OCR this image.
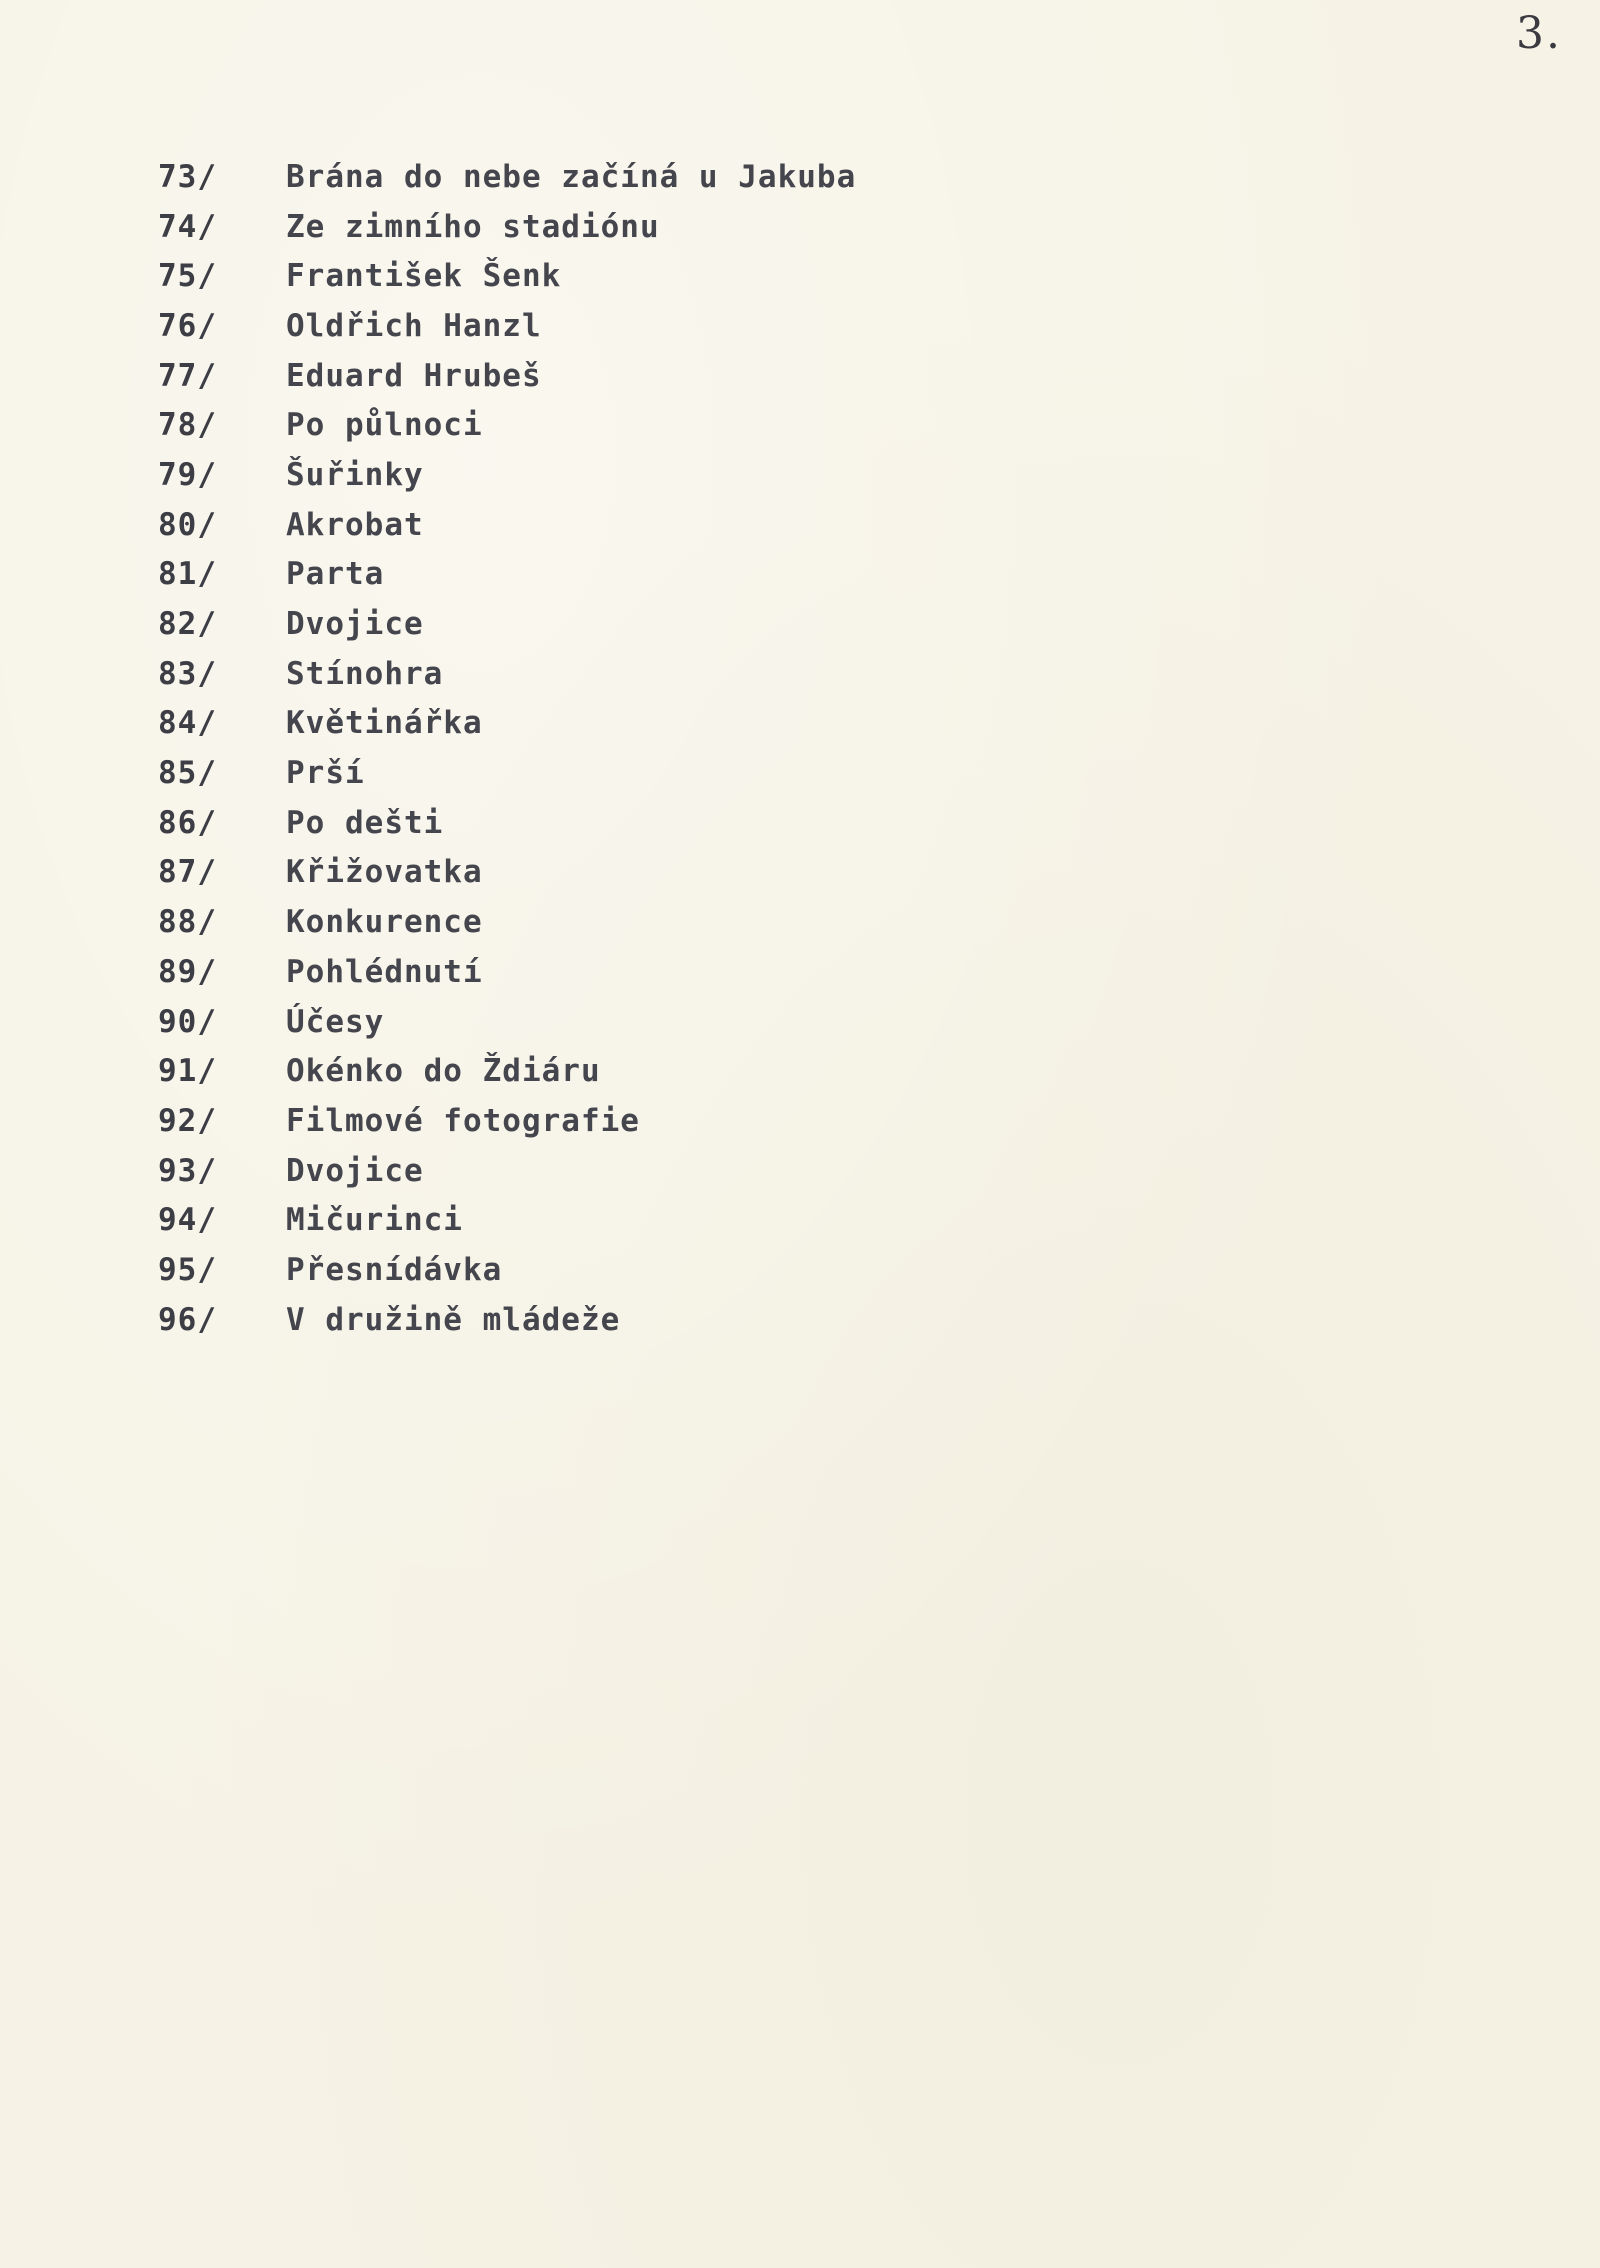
3.
73/	Brána do nebe začíná u Jakuba
74/	Ze zimního stadiónu
75/	František Šenk
76/	Oldřich Hanzl
77/	Eduard Hrubeš
78/	Po půlnoci
79/	Šuřinky
80/	Akrobat
81/	Parta
82/	Dvojice
83/	Stínohra
84/	Květinářka
85/	Prší
86/	Po dešti
87/	Křižovatka
88/	Konkurence
89/	Pohlédnutí
90/	Účesy
91/	Okénko do Ždiáru
92/	Filmové fotografie
93/	Dvojice
94/	Mičurinci
95/	Přesnídávka
96/	V družině mládeže
